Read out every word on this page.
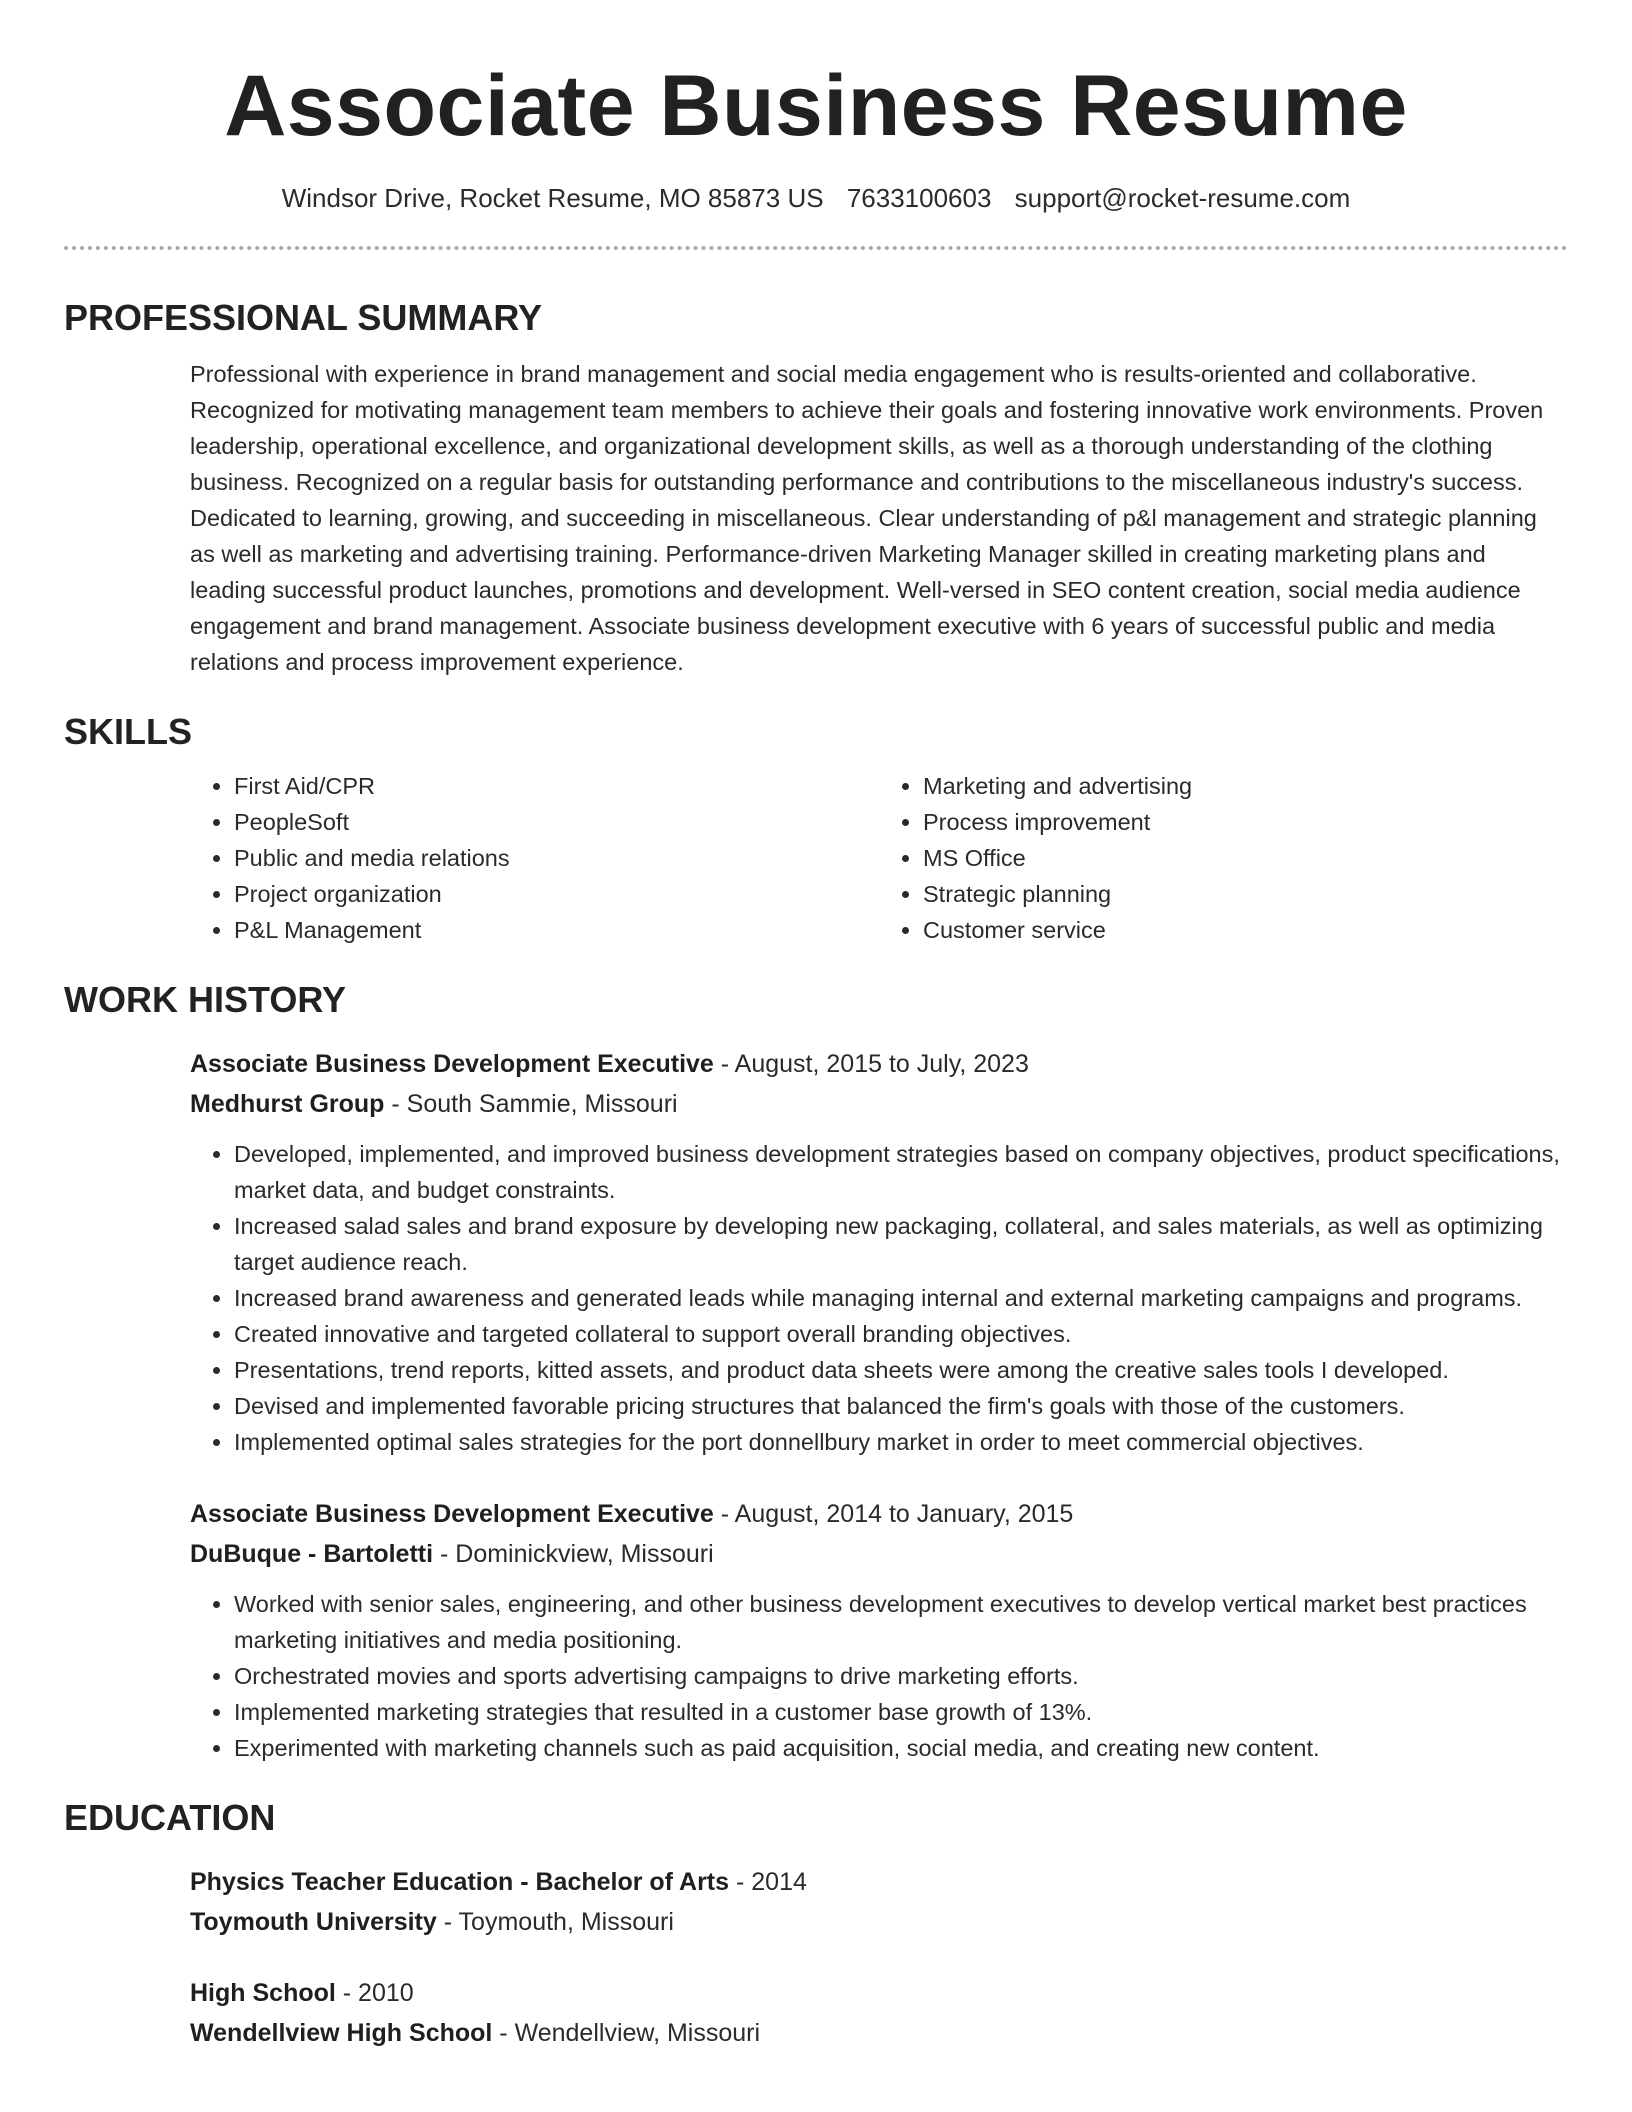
Associate Business Resume
Windsor Drive, Rocket Resume, MO 85873 US 7633100603 support@rocket-resume.com
PROFESSIONAL SUMMARY

Professional with experience in brand management and social media engagement who is results-oriented and collaborative. Recognized for motivating management team members to achieve their goals and fostering innovative work environments. Proven leadership, operational excellence, and organizational development skills, as well as a thorough understanding of the clothing business. Recognized on a regular basis for outstanding performance and contributions to the miscellaneous industry's success. Dedicated to learning, growing, and succeeding in miscellaneous. Clear understanding of p&l management and strategic planning as well as marketing and advertising training. Performance-driven Marketing Manager skilled in creating marketing plans and leading successful product launches, promotions and development. Well-versed in SEO content creation, social media audience engagement and brand management. Associate business development executive with 6 years of successful public and media relations and process improvement experience.

SKILLS
• First Aid/CPR
• PeopleSoft
• Public and media relations
• Project organization
• P&L Management
• Marketing and advertising
• Process improvement
• MS Office
• Strategic planning
• Customer service
WORK HISTORY
Associate Business Development Executive - August, 2015 to July, 2023
Medhurst Group - South Sammie, Missouri
• Developed, implemented, and improved business development strategies based on company objectives, product specifications, market data, and budget constraints.
• Increased salad sales and brand exposure by developing new packaging, collateral, and sales materials, as well as optimizing target audience reach.
• Increased brand awareness and generated leads while managing internal and external marketing campaigns and programs.
• Created innovative and targeted collateral to support overall branding objectives.
• Presentations, trend reports, kitted assets, and product data sheets were among the creative sales tools I developed.
• Devised and implemented favorable pricing structures that balanced the firm's goals with those of the customers.
• Implemented optimal sales strategies for the port donnellbury market in order to meet commercial objectives.
Associate Business Development Executive - August, 2014 to January, 2015
DuBuque - Bartoletti - Dominickview, Missouri
• Worked with senior sales, engineering, and other business development executives to develop vertical market best practices marketing initiatives and media positioning.
• Orchestrated movies and sports advertising campaigns to drive marketing efforts.
• Implemented marketing strategies that resulted in a customer base growth of 13%.
• Experimented with marketing channels such as paid acquisition, social media, and creating new content.
EDUCATION
Physics Teacher Education - Bachelor of Arts - 2014
Toymouth University - Toymouth, Missouri
High School - 2010
Wendellview High School - Wendellview, Missouri
